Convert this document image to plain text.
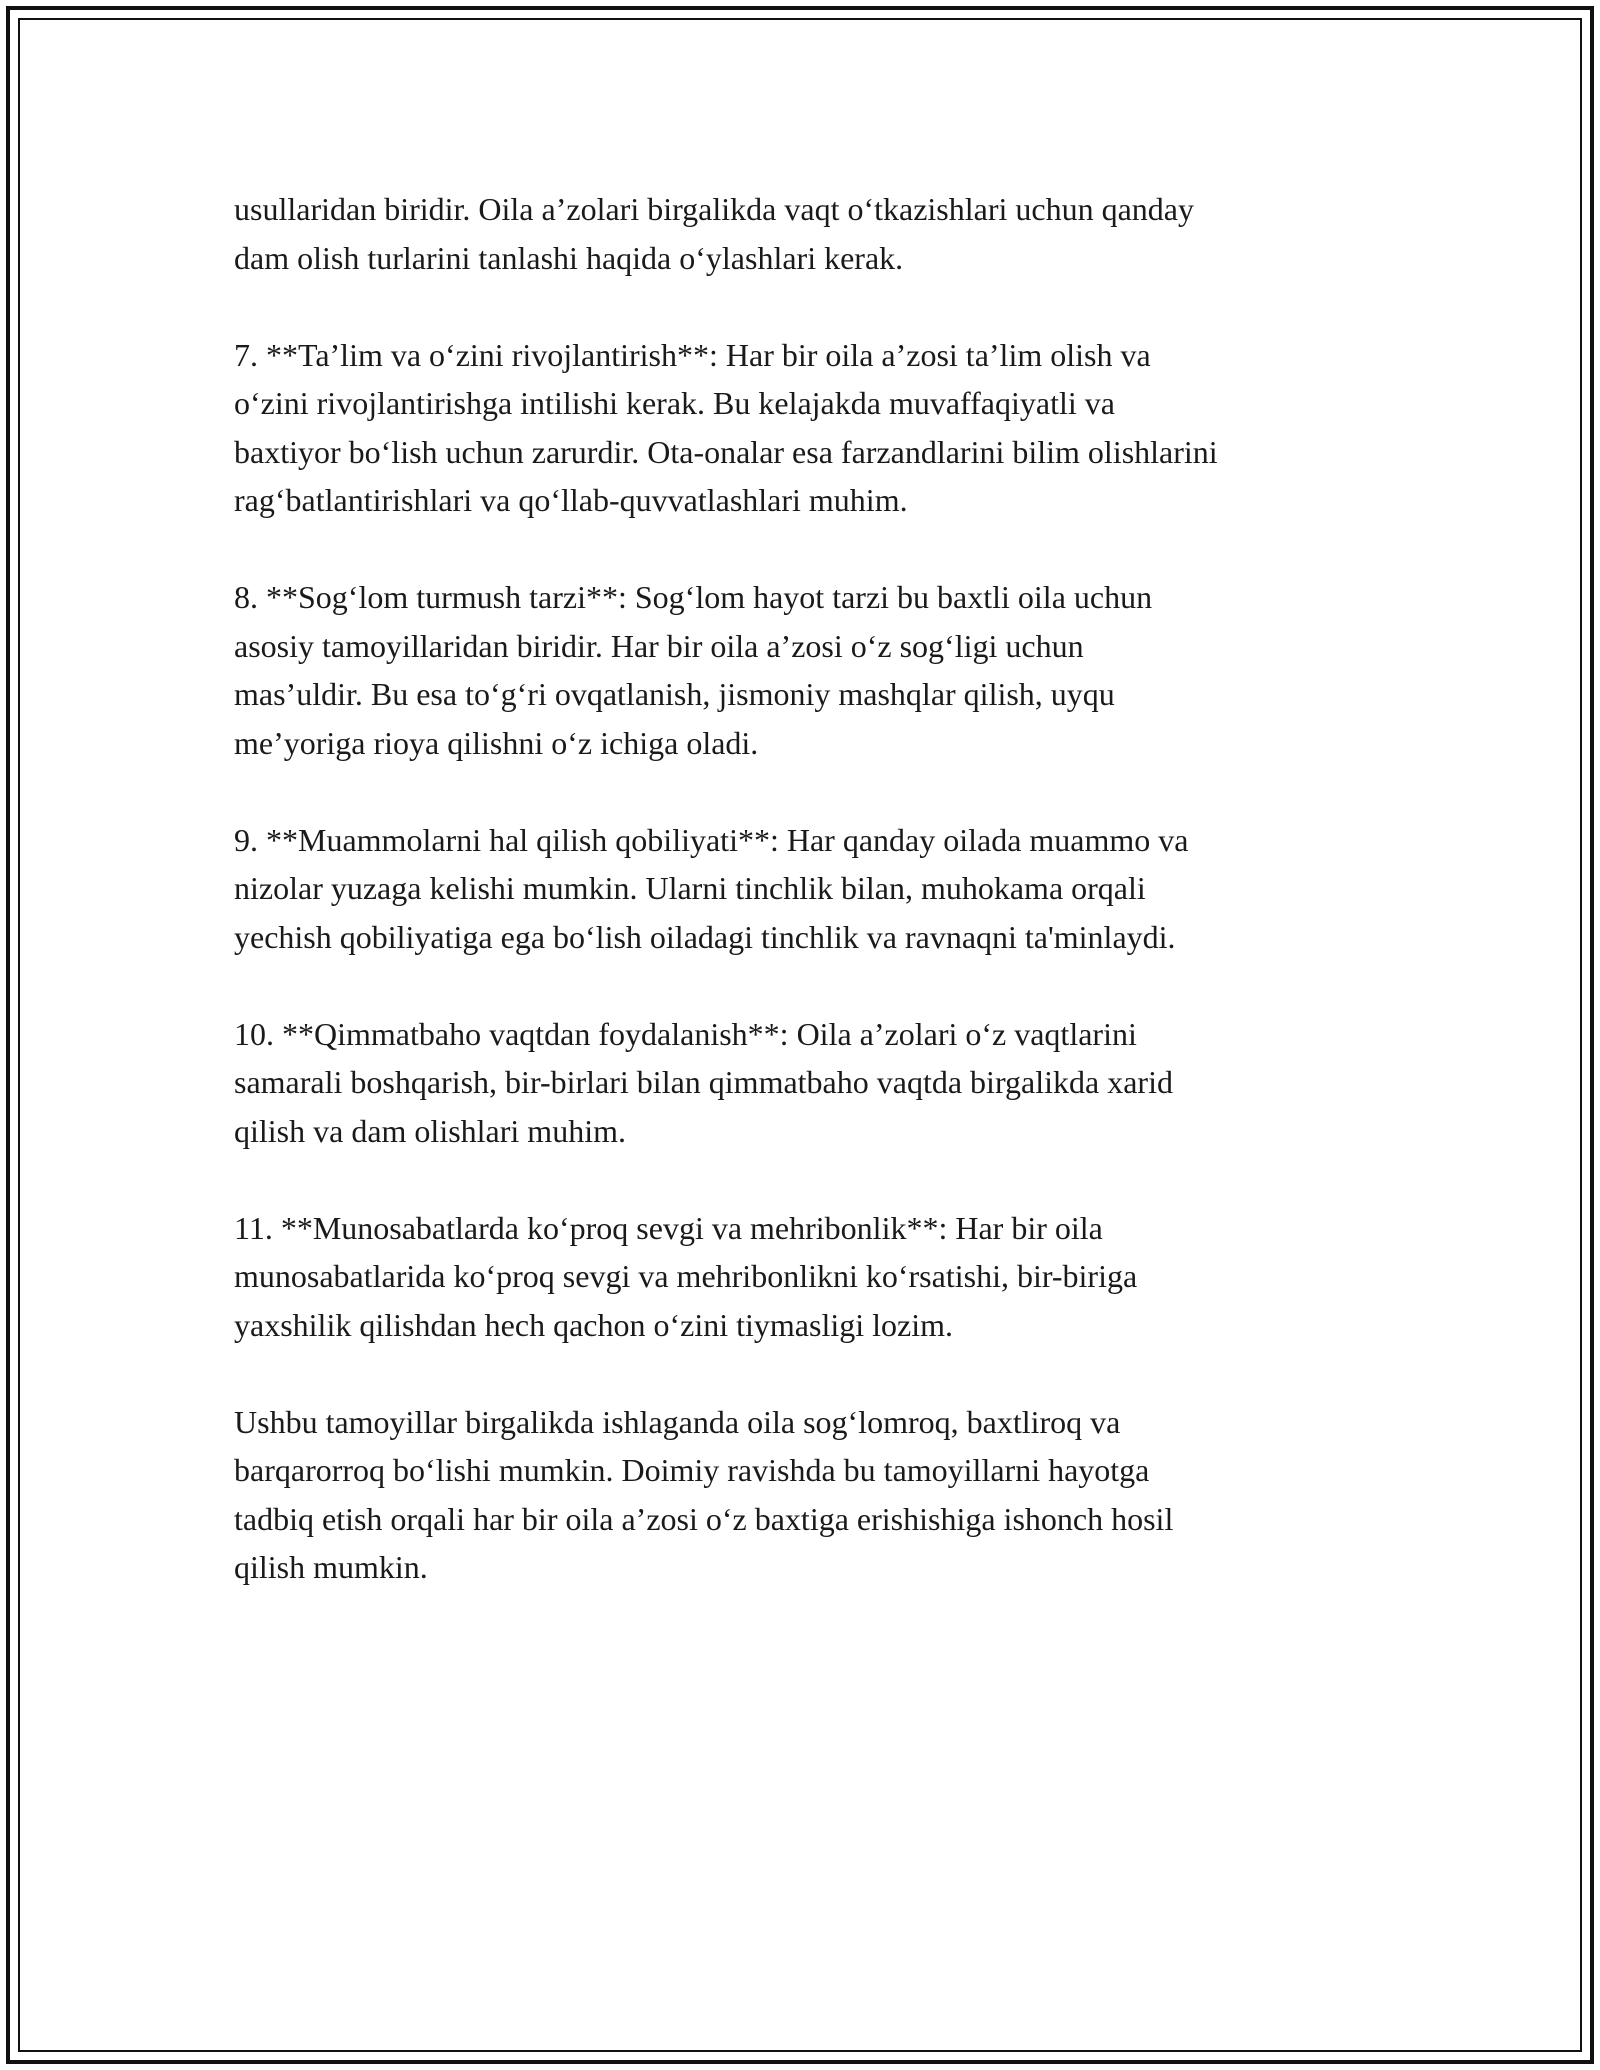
usullaridan biridir. Oila a’zolari birgalikda vaqt o‘tkazishlari uchun qanday
dam olish turlarini tanlashi haqida o‘ylashlari kerak.

7. **Ta’lim va o‘zini rivojlantirish**: Har bir oila a’zosi ta’lim olish va
o‘zini rivojlantirishga intilishi kerak. Bu kelajakda muvaffaqiyatli va
baxtiyor bo‘lish uchun zarurdir. Ota-onalar esa farzandlarini bilim olishlarini
rag‘batlantirishlari va qo‘llab-quvvatlashlari muhim.

8. **Sog‘lom turmush tarzi**: Sog‘lom hayot tarzi bu baxtli oila uchun
asosiy tamoyillaridan biridir. Har bir oila a’zosi o‘z sog‘ligi uchun
mas’uldir. Bu esa to‘g‘ri ovqatlanish, jismoniy mashqlar qilish, uyqu
me’yoriga rioya qilishni o‘z ichiga oladi.

9. **Muammolarni hal qilish qobiliyati**: Har qanday oilada muammo va
nizolar yuzaga kelishi mumkin. Ularni tinchlik bilan, muhokama orqali
yechish qobiliyatiga ega bo‘lish oiladagi tinchlik va ravnaqni ta'minlaydi.

10. **Qimmatbaho vaqtdan foydalanish**: Oila a’zolari o‘z vaqtlarini
samarali boshqarish, bir-birlari bilan qimmatbaho vaqtda birgalikda xarid
qilish va dam olishlari muhim.

11. **Munosabatlarda ko‘proq sevgi va mehribonlik**: Har bir oila
munosabatlarida ko‘proq sevgi va mehribonlikni ko‘rsatishi, bir-biriga
yaxshilik qilishdan hech qachon o‘zini tiymasligi lozim.

Ushbu tamoyillar birgalikda ishlaganda oila sog‘lomroq, baxtliroq va
barqarorroq bo‘lishi mumkin. Doimiy ravishda bu tamoyillarni hayotga
tadbiq etish orqali har bir oila a’zosi o‘z baxtiga erishishiga ishonch hosil
qilish mumkin.
